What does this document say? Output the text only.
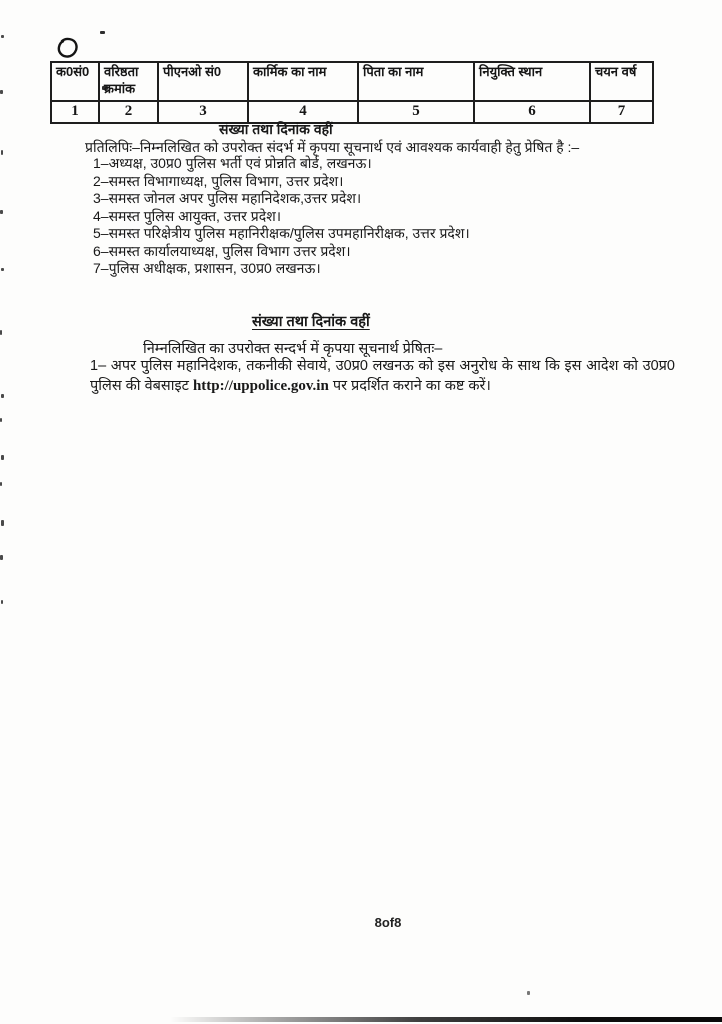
क0सं0	वरिष्ठता क्रमांक	पीएनओ सं0	कार्मिक का नाम	पिता का नाम	नियुक्ति स्थान	चयन वर्ष
1	2	3	4	5	6	7
संख्या तथा दिनांक वहीं
प्रतिलिपिः–निम्नलिखित को उपरोक्त संदर्भ में कृपया सूचनार्थ एवं आवश्यक कार्यवाही हेतु प्रेषित है :–
1–अध्यक्ष, उ0प्र0 पुलिस भर्ती एवं प्रोन्नति बोर्ड, लखनऊ।
2–समस्त विभागाध्यक्ष, पुलिस विभाग, उत्तर प्रदेश।
3–समस्त जोनल अपर पुलिस महानिदेशक,उत्तर प्रदेश।
4–समस्त पुलिस आयुक्त, उत्तर प्रदेश।
5–समस्त परिक्षेत्रीय पुलिस महानिरीक्षक/पुलिस उपमहानिरीक्षक, उत्तर प्रदेश।
6–समस्त कार्यालयाध्यक्ष, पुलिस विभाग उत्तर प्रदेश।
7–पुलिस अधीक्षक, प्रशासन, उ0प्र0 लखनऊ।
संख्या तथा दिनांक वहीं
निम्नलिखित का उपरोक्त सन्दर्भ में कृपया सूचनार्थ प्रेषितः–
1– अपर पुलिस महानिदेशक, तकनीकी सेवाये, उ0प्र0 लखनऊ को इस अनुरोध के साथ कि इस आदेश को उ0प्र0 पुलिस की वेबसाइट http://uppolice.gov.in पर प्रदर्शित कराने का कष्ट करें।
8of8
